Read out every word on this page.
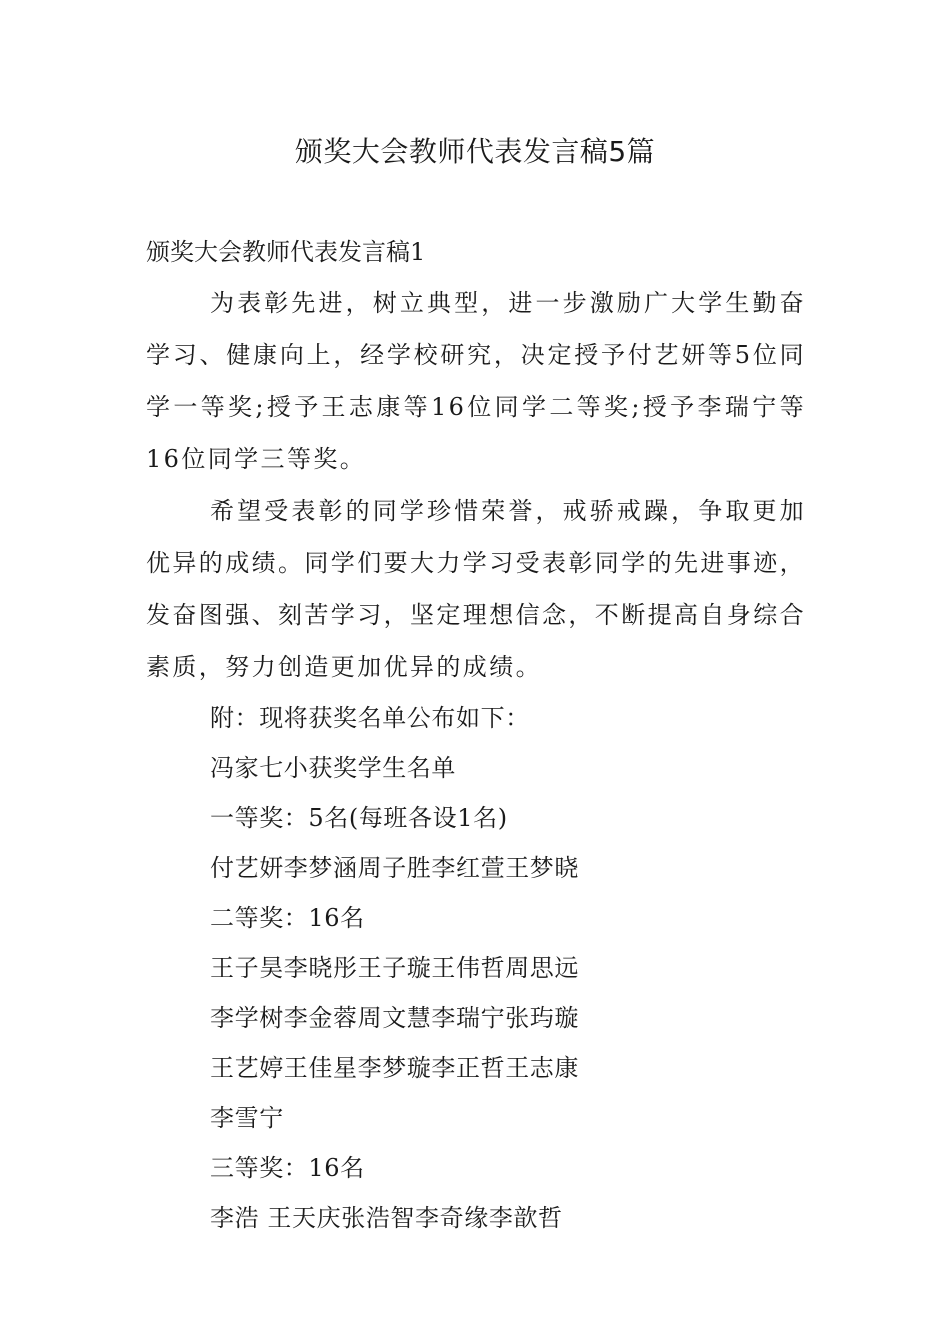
颁奖大会教师代表发言稿5篇

颁奖大会教师代表发言稿1

为表彰先进，树立典型，进一步激励广大学生勤奋学习、健康向上，经学校研究，决定授予付艺妍等5位同学一等奖;授予王志康等16位同学二等奖;授予李瑞宁等16位同学三等奖。

希望受表彰的同学珍惜荣誉，戒骄戒躁，争取更加优异的成绩。同学们要大力学习受表彰同学的先进事迹，发奋图强、刻苦学习，坚定理想信念，不断提高自身综合素质，努力创造更加优异的成绩。

附：现将获奖名单公布如下：
冯家七小获奖学生名单
一等奖：5名(每班各设1名)
付艺妍李梦涵周子胜李红萱王梦晓
二等奖：16名
王子昊李晓彤王子璇王伟哲周思远
李学树李金蓉周文慧李瑞宁张玙璇
王艺婷王佳星李梦璇李正哲王志康
李雪宁
三等奖：16名
李浩 王天庆张浩智李奇缘李歆哲
